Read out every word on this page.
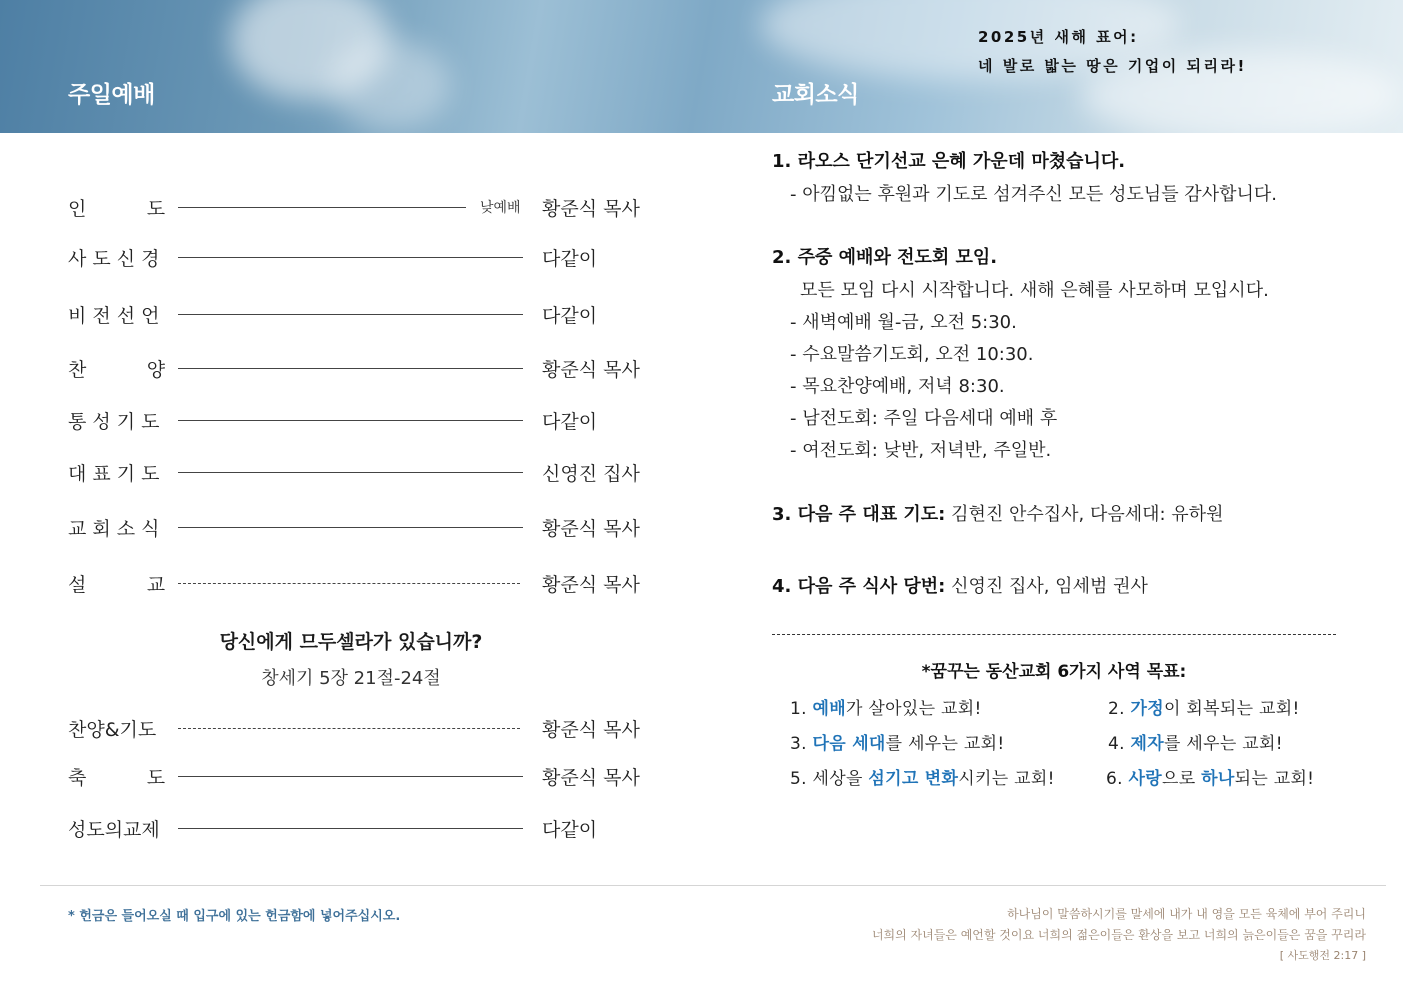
주일예배	교회소식
2025년 새해 표어:
네 발로 밟는 땅은 기업이 되리라!
인          도	낮예배 황준식 목사
사 도 신 경	다같이
비 전 선 언	다같이
찬          양	황준식 목사
통 성 기 도	다같이
대 표 기 도	신영진 집사
교 회 소 식	황준식 목사
설          교	황준식 목사
당신에게 므두셀라가 있습니까?
창세기 5장 21절-24절
찬양&기도	황준식 목사
축          도	황준식 목사
성도의교제	다같이
1. 라오스 단기선교 은혜 가운데 마쳤습니다.
- 아낌없는 후원과 기도로 섬겨주신 모든 성도님들 감사합니다.
2. 주중 예배와 전도회 모임.
모든 모임 다시 시작합니다. 새해 은혜를 사모하며 모입시다.
- 새벽예배 월-금, 오전 5:30.
- 수요말씀기도회, 오전 10:30.
- 목요찬양예배, 저녁 8:30.
- 남전도회: 주일 다음세대 예배 후
- 여전도회: 낮반, 저녁반, 주일반.
3. 다음 주 대표 기도: 김현진 안수집사, 다음세대: 유하원
4. 다음 주 식사 당번: 신영진 집사, 임세범 권사
*꿈꾸는 동산교회 6가지 사역 목표:
1. 예배가 살아있는 교회!	2. 가정이 회복되는 교회!
3. 다음 세대를 세우는 교회!	4. 제자를 세우는 교회!
5. 세상을 섬기고 변화시키는 교회!	6. 사랑으로 하나되는 교회!
* 헌금은 들어오실 때 입구에 있는 헌금함에 넣어주십시오.	하나님이 말씀하시기를 말세에 내가 내 영을 모든 육체에 부어 주리니
너희의 자녀들은 예언할 것이요 너희의 젊은이들은 환상을 보고 너희의 늙은이들은 꿈을 꾸리라
[ 사도행전 2:17 ]
